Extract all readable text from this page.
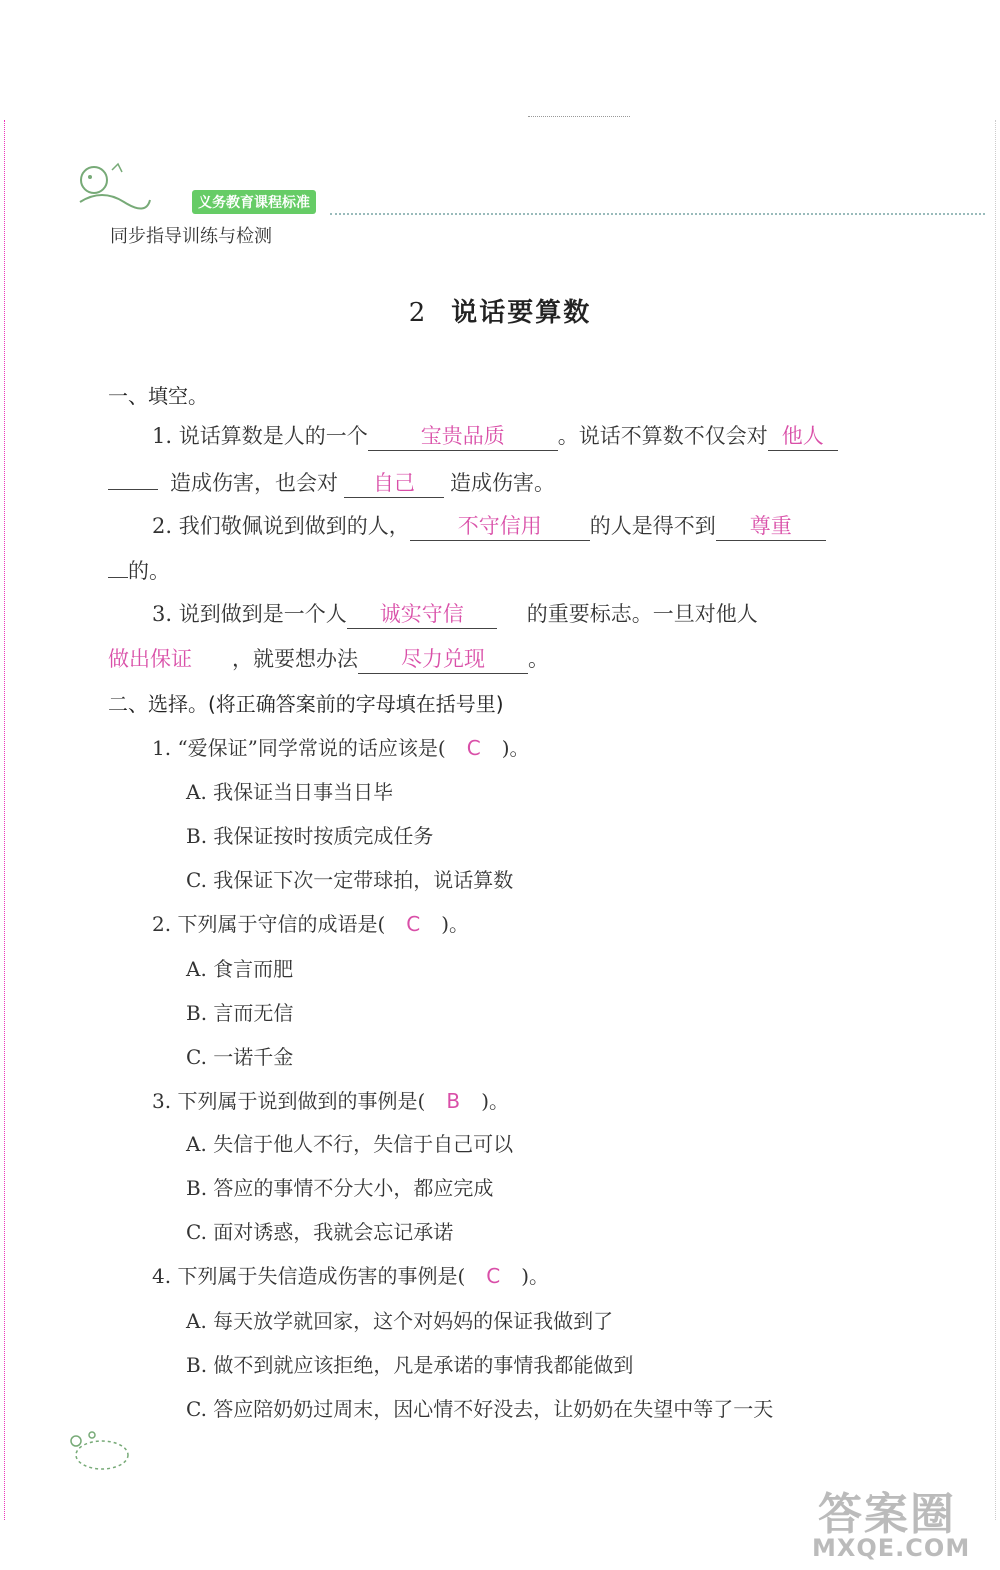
义务教育课程标准
同步指导训练与检测
2 说话要算数
一、填空。
1. 说话算数是人的一个	宝贵品质	。说话不算数不仅会对 他人
造成伤害，也会对 自己 造成伤害。
2. 我们敬佩说到做到的人， 不守信用 的人是得不到 尊重
的。
3. 说到做到是一个人 诚实守信	的重要标志。一旦对他人
做出保证 ，就要想办法 尽力兑现 。
二、选择。(将正确答案前的字母填在括号里)
1. “爱保证”同学常说的话应该是( C )。
A. 我保证当日事当日毕
B. 我保证按时按质完成任务
C. 我保证下次一定带球拍，说话算数
2. 下列属于守信的成语是( C )。
A. 食言而肥
B. 言而无信
C. 一诺千金
3. 下列属于说到做到的事例是( B )。
A. 失信于他人不行，失信于自己可以
B. 答应的事情不分大小，都应完成
C. 面对诱惑，我就会忘记承诺
4. 下列属于失信造成伤害的事例是( C )。
A. 每天放学就回家，这个对妈妈的保证我做到了
B. 做不到就应该拒绝，凡是承诺的事情我都能做到
C. 答应陪奶奶过周末，因心情不好没去，让奶奶在失望中等了一天
答案圈
MXQE.COM
